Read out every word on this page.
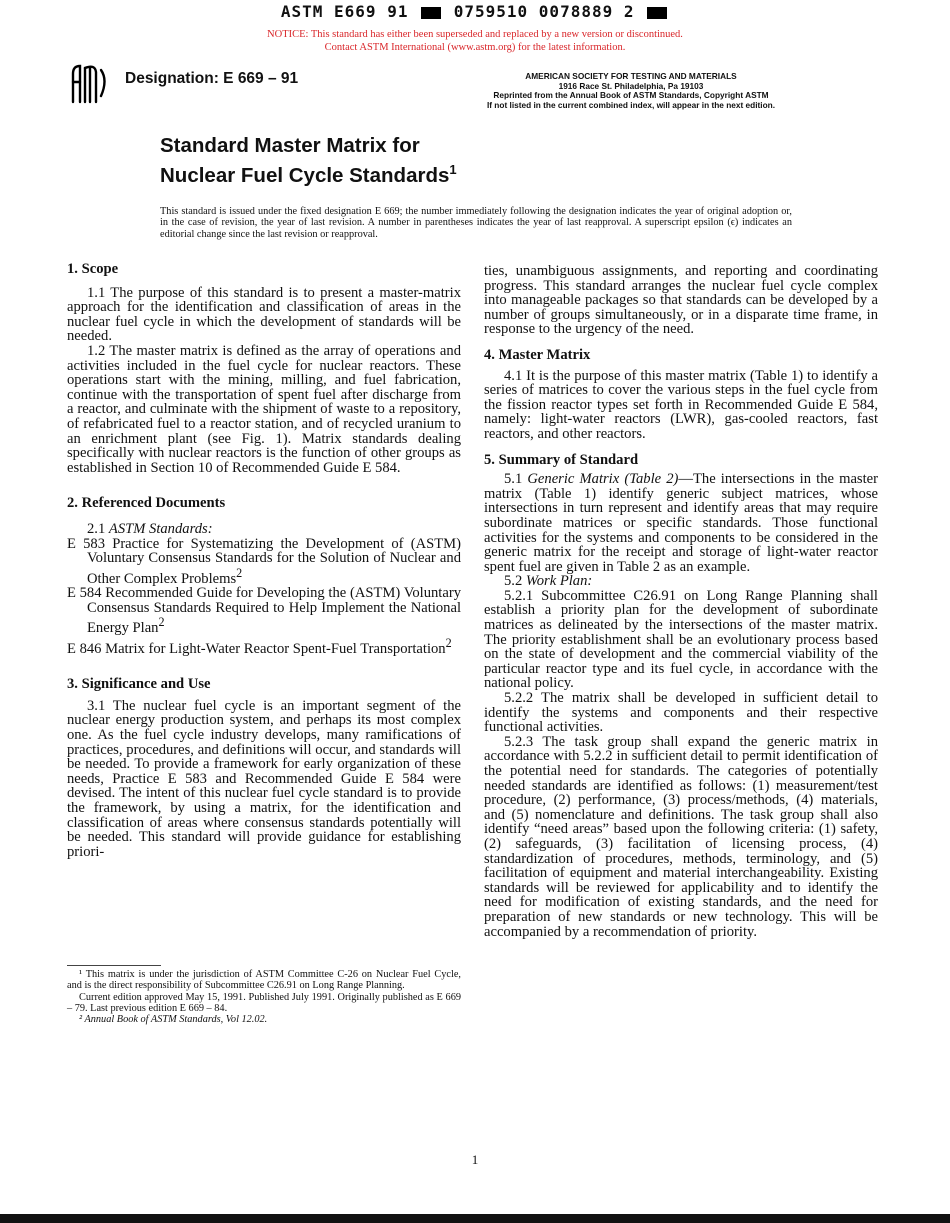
ASTM E669 91	0759510 0078889 2
NOTICE: This standard has either been superseded and replaced by a new version or discontinued.
Contact ASTM International (www.astm.org) for the latest information.
Designation: E 669 – 91	AMERICAN SOCIETY FOR TESTING AND MATERIALS
1916 Race St. Philadelphia, Pa 19103
Reprinted from the Annual Book of ASTM Standards, Copyright ASTM
If not listed in the current combined index, will appear in the next edition.
Standard Master Matrix for
Nuclear Fuel Cycle Standards$^1$
This standard is issued under the fixed designation E 669; the number immediately following the designation indicates the year of original adoption or, in the case of revision, the year of last revision. A number in parentheses indicates the year of last reapproval. A superscript epsilon (ϵ) indicates an editorial change since the last revision or reapproval.

1. Scope

1.1 The purpose of this standard is to present a master-matrix approach for the identification and classification of areas in the nuclear fuel cycle in which the development of standards will be needed.

1.2 The master matrix is defined as the array of operations and activities included in the fuel cycle for nuclear reactors. These operations start with the mining, milling, and fuel fabrication, continue with the transportation of spent fuel after discharge from a reactor, and culminate with the shipment of waste to a repository, of refabricated fuel to a reactor station, and of recycled uranium to an enrichment plant (see Fig. 1). Matrix standards dealing specifically with nuclear reactors is the function of other groups as established in Section 10 of Recommended Guide E 584.

2. Referenced Documents

2.1 ASTM Standards:

E 583 Practice for Systematizing the Development of (ASTM) Voluntary Consensus Standards for the Solution of Nuclear and Other Complex Problems$^2$

E 584 Recommended Guide for Developing the (ASTM) Voluntary Consensus Standards Required to Help Implement the National Energy Plan$^2$

E 846 Matrix for Light-Water Reactor Spent-Fuel Transportation$^2$

3. Significance and Use

3.1 The nuclear fuel cycle is an important segment of the nuclear energy production system, and perhaps its most complex one. As the fuel cycle industry develops, many ramifications of practices, procedures, and definitions will occur, and standards will be needed. To provide a framework for early organization of these needs, Practice E 583 and Recommended Guide E 584 were devised. The intent of this nuclear fuel cycle standard is to provide the framework, by using a matrix, for the identification and classification of areas where consensus standards potentially will be needed. This standard will provide guidance for establishing priori-

ties, unambiguous assignments, and reporting and coordinating progress. This standard arranges the nuclear fuel cycle complex into manageable packages so that standards can be developed by a number of groups simultaneously, or in a disparate time frame, in response to the urgency of the need.

4. Master Matrix

4.1 It is the purpose of this master matrix (Table 1) to identify a series of matrices to cover the various steps in the fuel cycle from the fission reactor types set forth in Recommended Guide E 584, namely: light-water reactors (LWR), gas-cooled reactors, fast reactors, and other reactors.

5. Summary of Standard

5.1 Generic Matrix (Table 2)—The intersections in the master matrix (Table 1) identify generic subject matrices, whose intersections in turn represent and identify areas that may require subordinate matrices or specific standards. Those functional activities for the systems and components to be considered in the generic matrix for the receipt and storage of light-water reactor spent fuel are given in Table 2 as an example.

5.2 Work Plan:

5.2.1 Subcommittee C26.91 on Long Range Planning shall establish a priority plan for the development of subordinate matrices as delineated by the intersections of the master matrix. The priority establishment shall be an evolutionary process based on the state of development and the commercial viability of the particular reactor type and its fuel cycle, in accordance with the national policy.

5.2.2 The matrix shall be developed in sufficient detail to identify the systems and components and their respective functional activities.

5.2.3 The task group shall expand the generic matrix in accordance with 5.2.2 in sufficient detail to permit identification of the potential need for standards. The categories of potentially needed standards are identified as follows: (1) measurement/test procedure, (2) performance, (3) process/methods, (4) materials, and (5) nomenclature and definitions. The task group shall also identify “need areas” based upon the following criteria: (1) safety, (2) safeguards, (3) facilitation of licensing process, (4) standardization of procedures, methods, terminology, and (5) facilitation of equipment and material interchangeability. Existing standards will be reviewed for applicability and to identify the need for modification of existing standards, and the need for preparation of new standards or new technology. This will be accompanied by a recommendation of priority.

¹ This matrix is under the jurisdiction of ASTM Committee C-26 on Nuclear Fuel Cycle, and is the direct responsibility of Subcommittee C26.91 on Long Range Planning.

Current edition approved May 15, 1991. Published July 1991. Originally published as E 669 – 79. Last previous edition E 669 – 84.

² Annual Book of ASTM Standards, Vol 12.02.

1
